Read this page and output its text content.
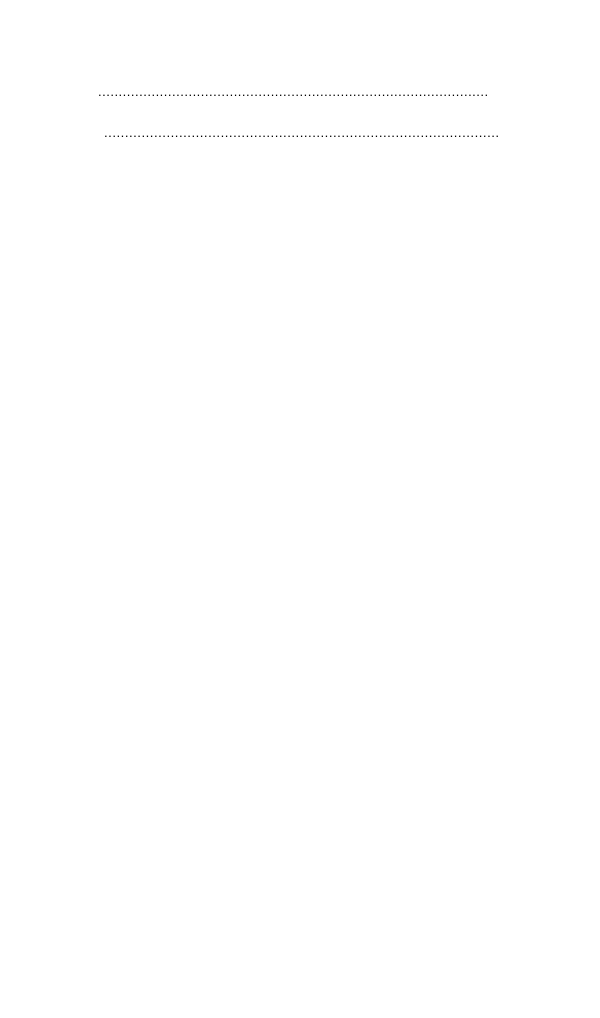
...............................................................................................
...............................................................................................
